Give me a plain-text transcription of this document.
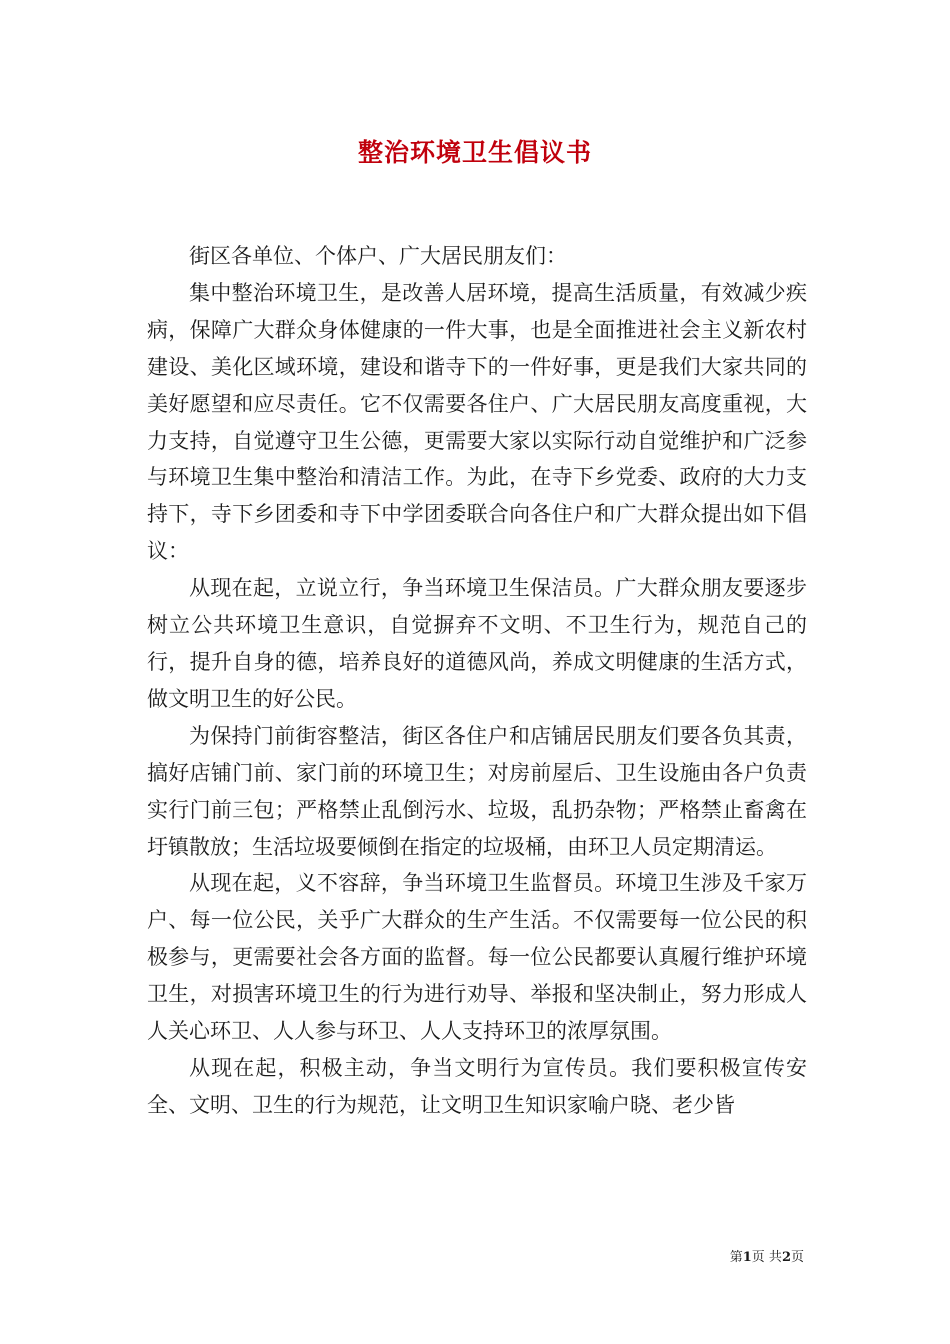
整治环境卫生倡议书

街区各单位、个体户、广大居民朋友们：

集中整治环境卫生，是改善人居环境，提高生活质量，有效减少疾病，保障广大群众身体健康的一件大事，也是全面推进社会主义新农村建设、美化区域环境，建设和谐寺下的一件好事，更是我们大家共同的美好愿望和应尽责任。它不仅需要各住户、广大居民朋友高度重视，大力支持，自觉遵守卫生公德，更需要大家以实际行动自觉维护和广泛参与环境卫生集中整治和清洁工作。为此，在寺下乡党委、政府的大力支持下，寺下乡团委和寺下中学团委联合向各住户和广大群众提出如下倡议：

从现在起，立说立行，争当环境卫生保洁员。广大群众朋友要逐步树立公共环境卫生意识，自觉摒弃不文明、不卫生行为，规范自己的行，提升自身的德，培养良好的道德风尚，养成文明健康的生活方式，做文明卫生的好公民。

为保持门前街容整洁，街区各住户和店铺居民朋友们要各负其责，搞好店铺门前、家门前的环境卫生；对房前屋后、卫生设施由各户负责实行门前三包；严格禁止乱倒污水、垃圾，乱扔杂物；严格禁止畜禽在圩镇散放；生活垃圾要倾倒在指定的垃圾桶，由环卫人员定期清运。

从现在起，义不容辞，争当环境卫生监督员。环境卫生涉及千家万户、每一位公民，关乎广大群众的生产生活。不仅需要每一位公民的积极参与，更需要社会各方面的监督。每一位公民都要认真履行维护环境卫生，对损害环境卫生的行为进行劝导、举报和坚决制止，努力形成人人关心环卫、人人参与环卫、人人支持环卫的浓厚氛围。

从现在起，积极主动，争当文明行为宣传员。我们要积极宣传安全、文明、卫生的行为规范，让文明卫生知识家喻户晓、老少皆

第1页 共2页
